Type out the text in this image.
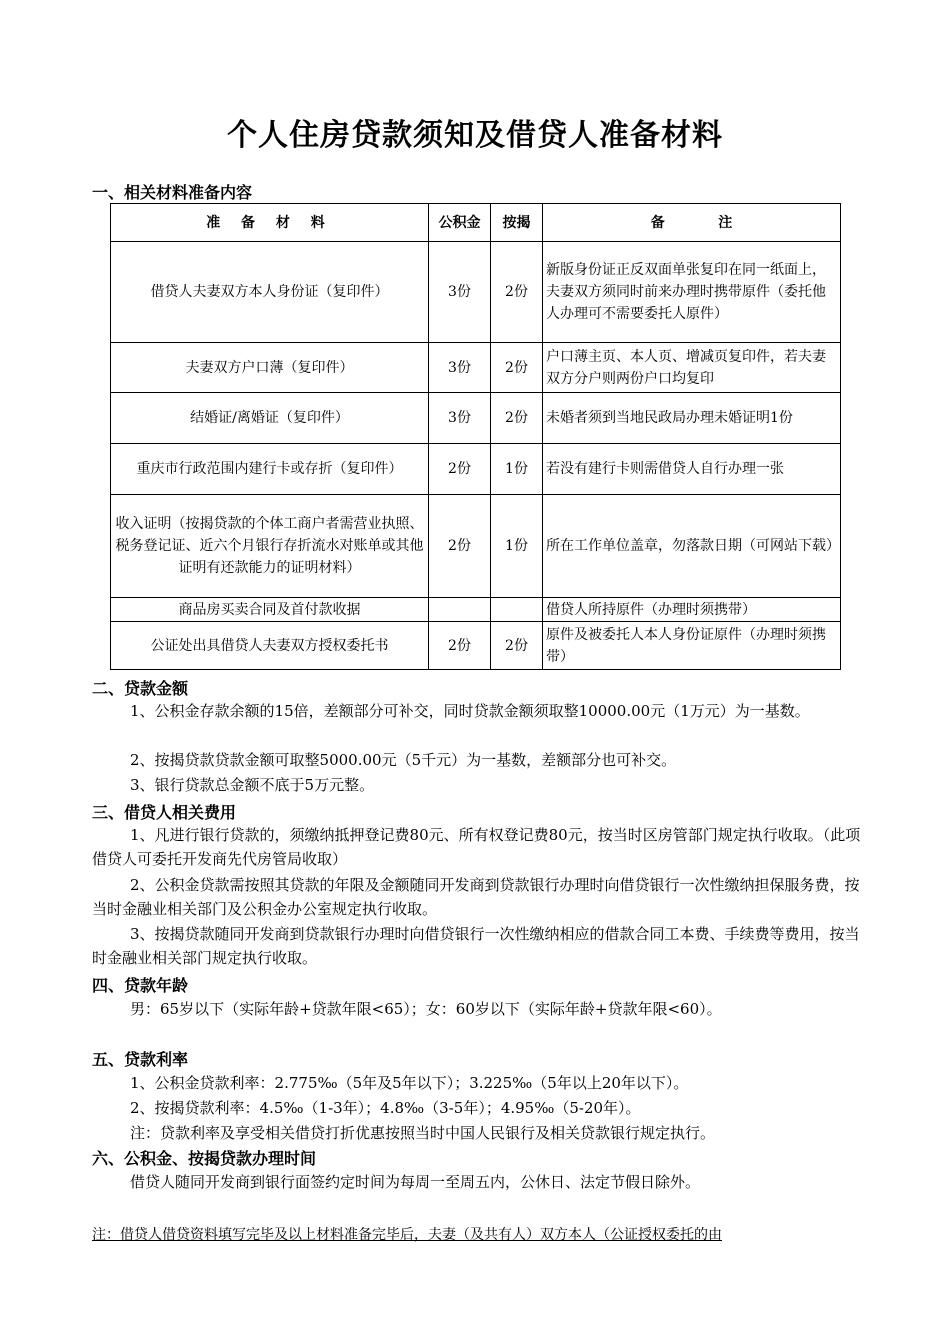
个人住房贷款须知及借贷人准备材料
一、相关材料准备内容
准 备 材 料	公积金	按揭	备           注
借贷人夫妻双方本人身份证（复印件）	3份	2份	新版身份证正反双面单张复印在同一纸面上，夫妻双方须同时前来办理时携带原件（委托他人办理可不需要委托人原件）
夫妻双方户口薄（复印件）	3份	2份	户口薄主页、本人页、增减页复印件，若夫妻双方分户则两份户口均复印
结婚证/离婚证（复印件）	3份	2份	未婚者须到当地民政局办理未婚证明1份
重庆市行政范围内建行卡或存折（复印件）	2份	1份	若没有建行卡则需借贷人自行办理一张
收入证明（按揭贷款的个体工商户者需营业执照、税务登记证、近六个月银行存折流水对账单或其他证明有还款能力的证明材料）	2份	1份	所在工作单位盖章，勿落款日期（可网站下载）
商品房买卖合同及首付款收据			借贷人所持原件（办理时须携带）
公证处出具借贷人夫妻双方授权委托书	2份	2份	原件及被委托人本人身份证原件（办理时须携带）
二、贷款金额
1、公积金存款余额的15倍，差额部分可补交，同时贷款金额须取整10000.00元（1万元）为一基数。
2、按揭贷款贷款金额可取整5000.00元（5千元）为一基数，差额部分也可补交。
3、银行贷款总金额不底于5万元整。
三、借贷人相关费用
1、凡进行银行贷款的，须缴纳抵押登记费80元、所有权登记费80元，按当时区房管部门规定执行收取。（此项借贷人可委托开发商先代房管局收取）
2、公积金贷款需按照其贷款的年限及金额随同开发商到贷款银行办理时向借贷银行一次性缴纳担保服务费，按当时金融业相关部门及公积金办公室规定执行收取。
3、按揭贷款随同开发商到贷款银行办理时向借贷银行一次性缴纳相应的借款合同工本费、手续费等费用，按当时金融业相关部门规定执行收取。
四、贷款年龄
男：65岁以下（实际年龄+贷款年限<65）；女：60岁以下（实际年龄+贷款年限<60）。
五、贷款利率
1、公积金贷款利率：2.775‰（5年及5年以下）；3.225‰（5年以上20年以下）。
2、按揭贷款利率：4.5‰（1-3年）；4.8‰（3-5年）；4.95‰（5-20年）。
注：贷款利率及享受相关借贷打折优惠按照当时中国人民银行及相关贷款银行规定执行。
六、公积金、按揭贷款办理时间
借贷人随同开发商到银行面签约定时间为每周一至周五内，公休日、法定节假日除外。
注：借贷人借贷资料填写完毕及以上材料准备完毕后，夫妻（及共有人）双方本人（公证授权委托的由
